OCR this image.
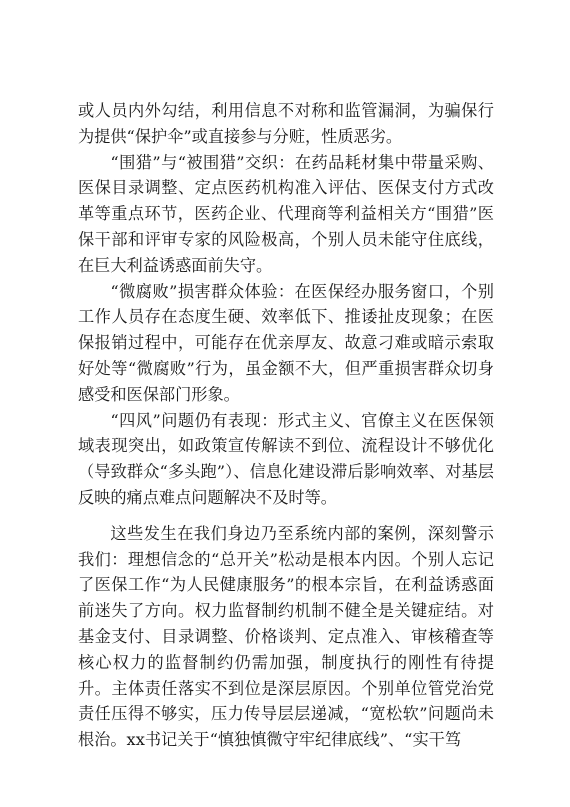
或人员内外勾结，利用信息不对称和监管漏洞，为骗保行为提供“保护伞”或直接参与分赃，性质恶劣。

“围猎”与“被围猎”交织：在药品耗材集中带量采购、医保目录调整、定点医药机构准入评估、医保支付方式改革等重点环节，医药企业、代理商等利益相关方“围猎”医保干部和评审专家的风险极高，个别人员未能守住底线，在巨大利益诱惑面前失守。

“微腐败”损害群众体验：在医保经办服务窗口，个别工作人员存在态度生硬、效率低下、推诿扯皮现象；在医保报销过程中，可能存在优亲厚友、故意刁难或暗示索取好处等“微腐败”行为，虽金额不大，但严重损害群众切身感受和医保部门形象。

“四风”问题仍有表现：形式主义、官僚主义在医保领域表现突出，如政策宣传解读不到位、流程设计不够优化（导致群众“多头跑”）、信息化建设滞后影响效率、对基层反映的痛点难点问题解决不及时等。

这些发生在我们身边乃至系统内部的案例，深刻警示我们：理想信念的“总开关”松动是根本内因。个别人忘记了医保工作“为人民健康服务”的根本宗旨，在利益诱惑面前迷失了方向。权力监督制约机制不健全是关键症结。对基金支付、目录调整、价格谈判、定点准入、审核稽查等核心权力的监督制约仍需加强，制度执行的刚性有待提升。主体责任落实不到位是深层原因。个别单位管党治党责任压得不够实，压力传导层层递减，“宽松软”问题尚未根治。xx书记关于“慎独慎微守牢纪律底线”、“实干笃
